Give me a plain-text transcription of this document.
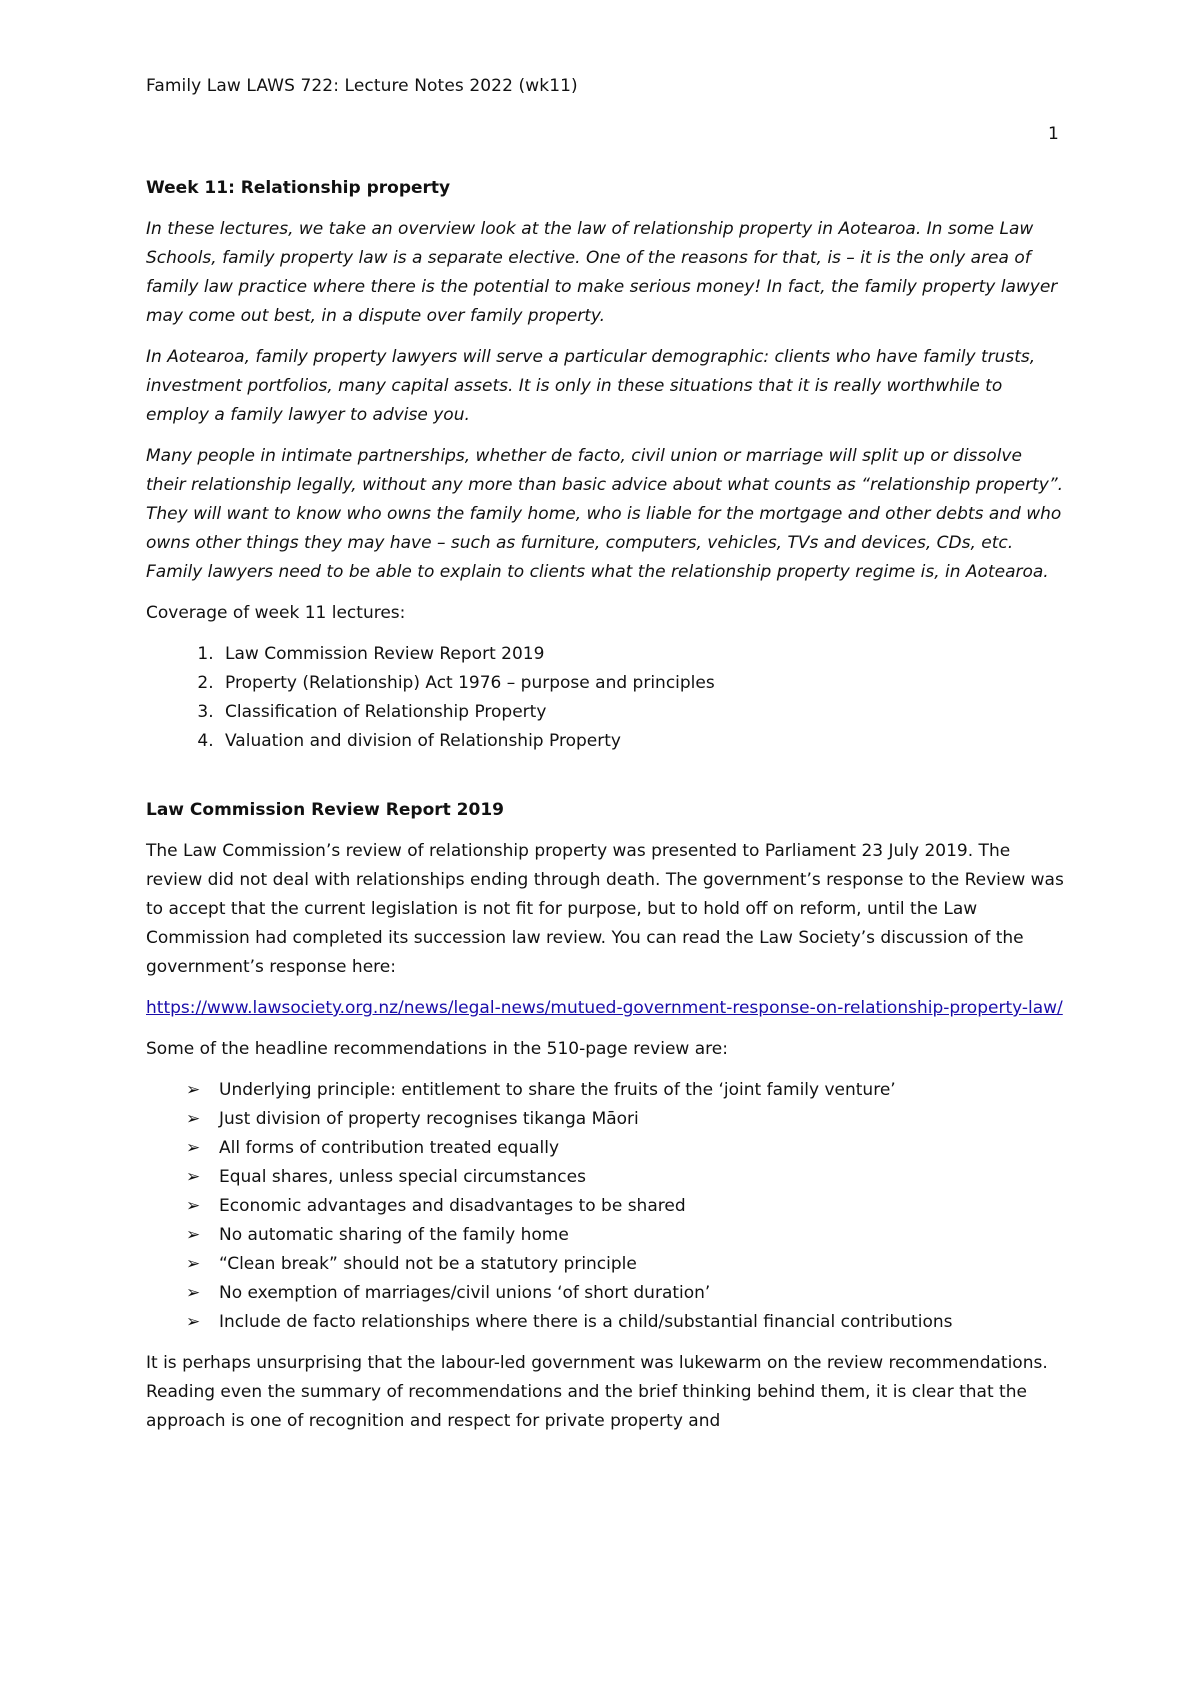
Family Law LAWS 722: Lecture Notes 2022 (wk11)
1
Week 11: Relationship property

In these lectures, we take an overview look at the law of relationship property in Aotearoa. In some Law Schools, family property law is a separate elective. One of the reasons for that, is – it is the only area of family law practice where there is the potential to make serious money! In fact, the family property lawyer may come out best, in a dispute over family property.

In Aotearoa, family property lawyers will serve a particular demographic: clients who have family trusts, investment portfolios, many capital assets. It is only in these situations that it is really worthwhile to employ a family lawyer to advise you.

Many people in intimate partnerships, whether de facto, civil union or marriage will split up or dissolve their relationship legally, without any more than basic advice about what counts as “relationship property”. They will want to know who owns the family home, who is liable for the mortgage and other debts and who owns other things they may have – such as furniture, computers, vehicles, TVs and devices, CDs, etc. Family lawyers need to be able to explain to clients what the relationship property regime is, in Aotearoa.

Coverage of week 11 lectures:

1. Law Commission Review Report 2019
2. Property (Relationship) Act 1976 – purpose and principles
3. Classification of Relationship Property
4. Valuation and division of Relationship Property
Law Commission Review Report 2019

The Law Commission’s review of relationship property was presented to Parliament 23 July 2019. The review did not deal with relationships ending through death. The government’s response to the Review was to accept that the current legislation is not fit for purpose, but to hold off on reform, until the Law Commission had completed its succession law review. You can read the Law Society’s discussion of the government’s response here:

https://www.lawsociety.org.nz/news/legal-news/mutued-government-response-on-relationship-property-law/

Some of the headline recommendations in the 510-page review are:

➢ Underlying principle: entitlement to share the fruits of the ‘joint family venture’
➢ Just division of property recognises tikanga Māori
➢ All forms of contribution treated equally
➢ Equal shares, unless special circumstances
➢ Economic advantages and disadvantages to be shared
➢ No automatic sharing of the family home
➢ “Clean break” should not be a statutory principle
➢ No exemption of marriages/civil unions ‘of short duration’
➢ Include de facto relationships where there is a child/substantial financial contributions

It is perhaps unsurprising that the labour-led government was lukewarm on the review recommendations. Reading even the summary of recommendations and the brief thinking behind them, it is clear that the approach is one of recognition and respect for private property and
